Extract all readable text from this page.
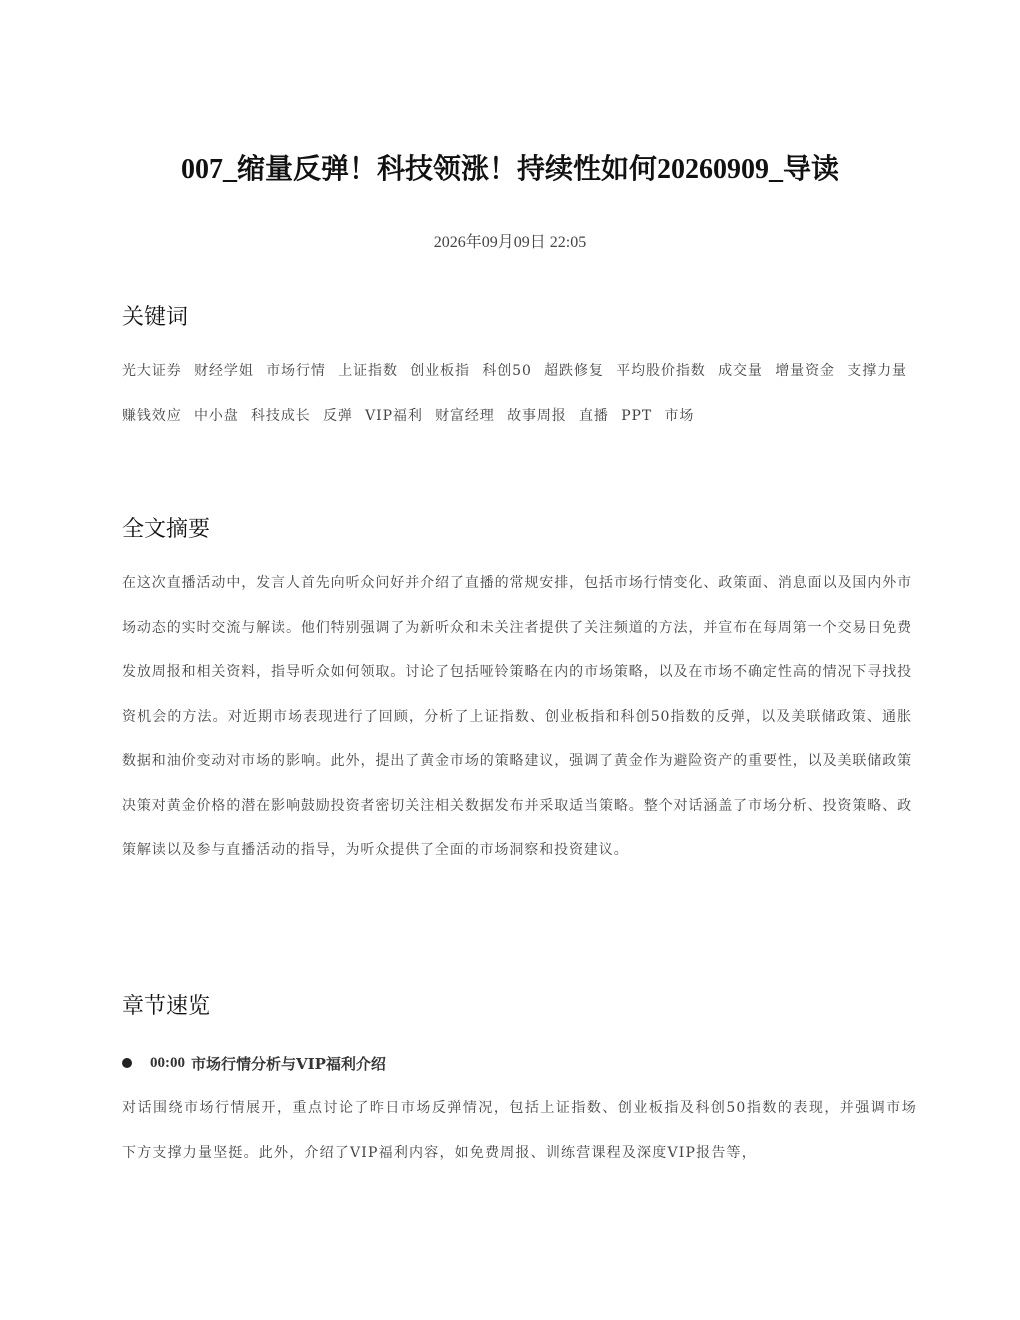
007_缩量反弹！科技领涨！持续性如何20260909_导读

2026年09月09日 22:05

关键词

光大证券 财经学姐 市场行情 上证指数 创业板指 科创50 超跌修复 平均股价指数 成交量 增量资金 支撑力量 赚钱效应 中小盘 科技成长 反弹 VIP福利 财富经理 故事周报 直播 PPT 市场

全文摘要

在这次直播活动中，发言人首先向听众问好并介绍了直播的常规安排，包括市场行情变化、政策面、消息面以及国内外市场动态的实时交流与解读。他们特别强调了为新听众和未关注者提供了关注频道的方法，并宣布在每周第一个交易日免费发放周报和相关资料，指导听众如何领取。讨论了包括哑铃策略在内的市场策略，以及在市场不确定性高的情况下寻找投资机会的方法。对近期市场表现进行了回顾，分析了上证指数、创业板指和科创50指数的反弹，以及美联储政策、通胀数据和油价变动对市场的影响。此外，提出了黄金市场的策略建议，强调了黄金作为避险资产的重要性，以及美联储政策决策对黄金价格的潜在影响鼓励投资者密切关注相关数据发布并采取适当策略。整个对话涵盖了市场分析、投资策略、政策解读以及参与直播活动的指导，为听众提供了全面的市场洞察和投资建议。

章节速览
00:00 市场行情分析与VIP福利介绍

对话围绕市场行情展开，重点讨论了昨日市场反弹情况，包括上证指数、创业板指及科创50指数的表现，并强调市场下方支撑力量坚挺。此外，介绍了VIP福利内容，如免费周报、训练营课程及深度VIP报告等，
